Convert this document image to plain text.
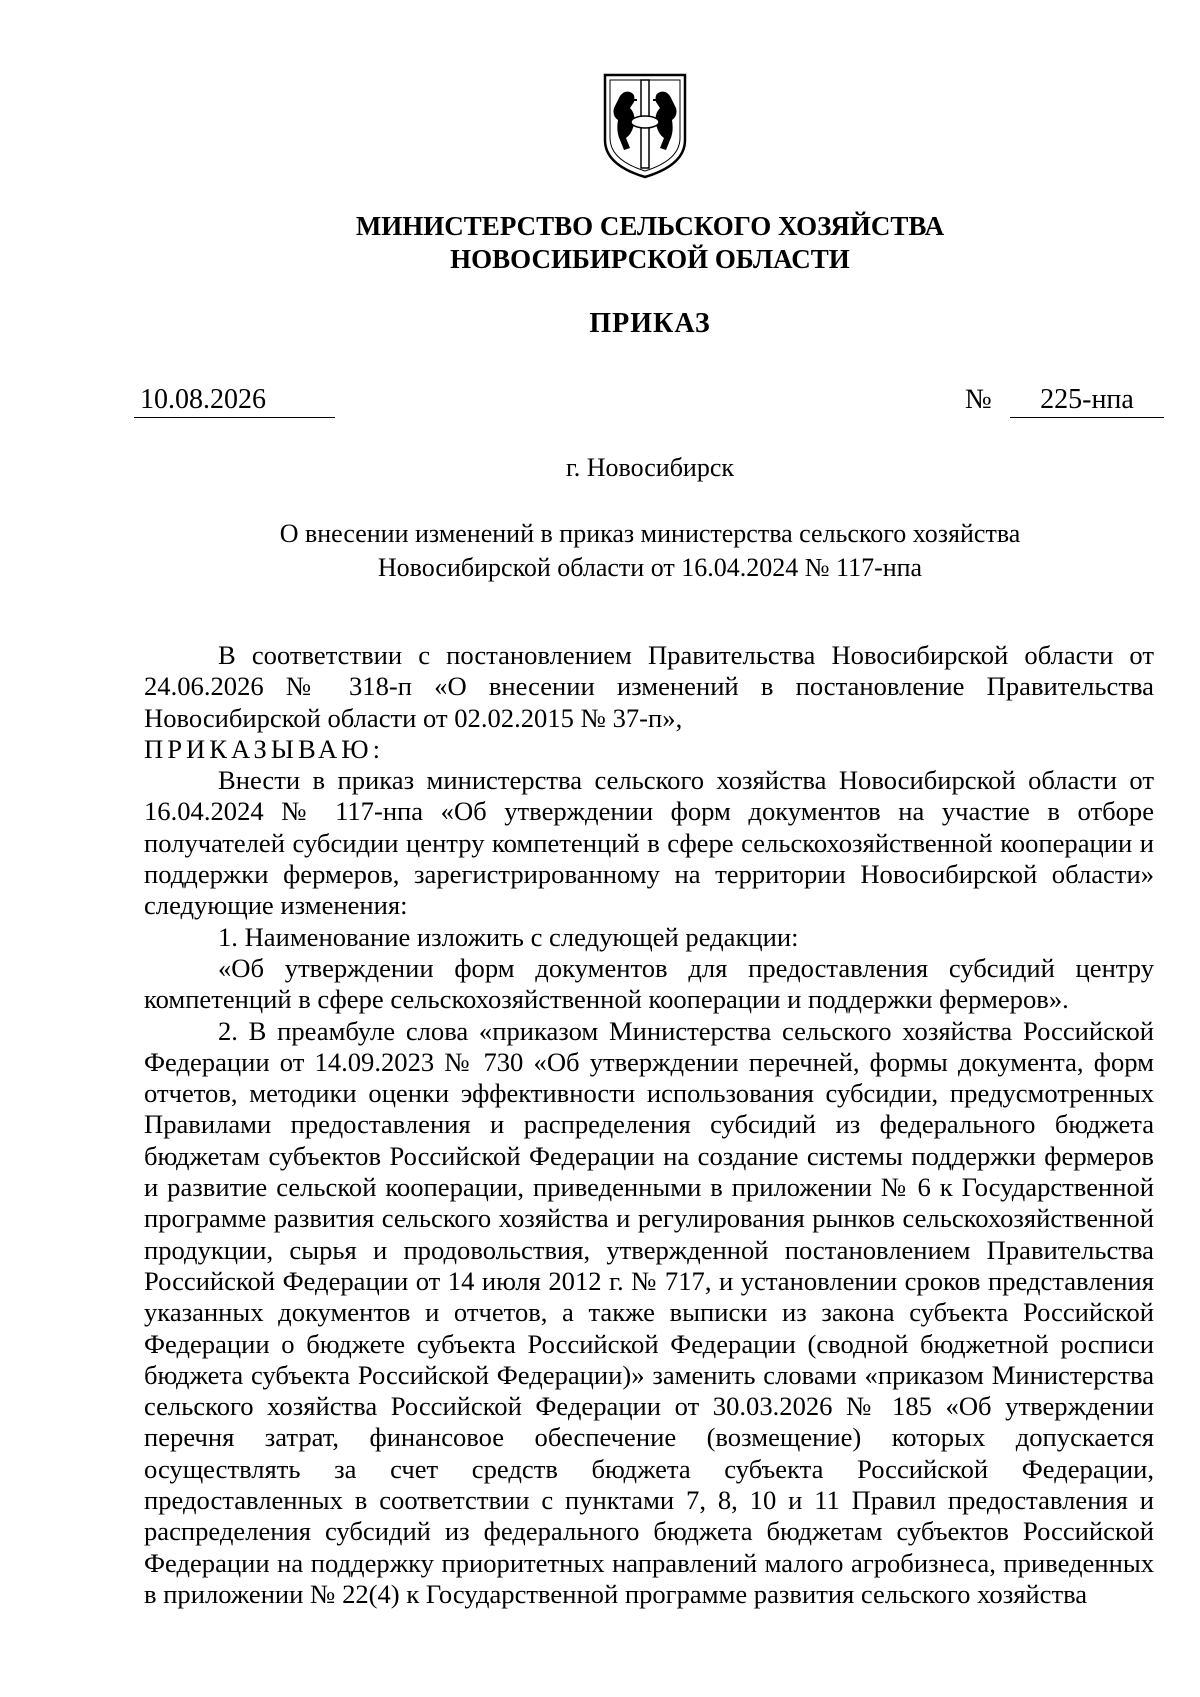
МИНИСТЕРСТВО СЕЛЬСКОГО ХОЗЯЙСТВА
НОВОСИБИРСКОЙ ОБЛАСТИ
ПРИКАЗ
10.08.2026	№	225-нпа
г. Новосибирск
О внесении изменений в приказ министерства сельского хозяйства
Новосибирской области от 16.04.2024 № 117-нпа

В соответствии с постановлением Правительства Новосибирской области от 24.06.2026 № 318-п «О внесении изменений в постановление Правительства Новосибирской области от 02.02.2015 № 37-п»,

ПРИКАЗЫВАЮ:

Внести в приказ министерства сельского хозяйства Новосибирской области от 16.04.2024 № 117-нпа «Об утверждении форм документов на участие в отборе получателей субсидии центру компетенций в сфере сельскохозяйственной кооперации и поддержки фермеров, зарегистрированному на территории Новосибирской области» следующие изменения:

1. Наименование изложить с следующей редакции:

«Об утверждении форм документов для предоставления субсидий центру компетенций в сфере сельскохозяйственной кооперации и поддержки фермеров».

2. В преамбуле слова «приказом Министерства сельского хозяйства Российской Федерации от 14.09.2023 № 730 «Об утверждении перечней, формы документа, форм отчетов, методики оценки эффективности использования субсидии, предусмотренных Правилами предоставления и распределения субсидий из федерального бюджета бюджетам субъектов Российской Федерации на создание системы поддержки фермеров и развитие сельской кооперации, приведенными в приложении № 6 к Государственной программе развития сельского хозяйства и регулирования рынков сельскохозяйственной продукции, сырья и продовольствия, утвержденной постановлением Правительства Российской Федерации от 14 июля 2012 г. № 717, и установлении сроков представления указанных документов и отчетов, а также выписки из закона субъекта Российской Федерации о бюджете субъекта Российской Федерации (сводной бюджетной росписи бюджета субъекта Российской Федерации)» заменить словами «приказом Министерства сельского хозяйства Российской Федерации от 30.03.2026 № 185 «Об утверждении перечня затрат, финансовое обеспечение (возмещение) которых допускается осуществлять за счет средств бюджета субъекта Российской Федерации, предоставленных в соответствии с пунктами 7, 8, 10 и 11 Правил предоставления и распределения субсидий из федерального бюджета бюджетам субъектов Российской Федерации на поддержку приоритетных направлений малого агробизнеса, приведенных в приложении № 22(4) к Государственной программе развития сельского хозяйства
